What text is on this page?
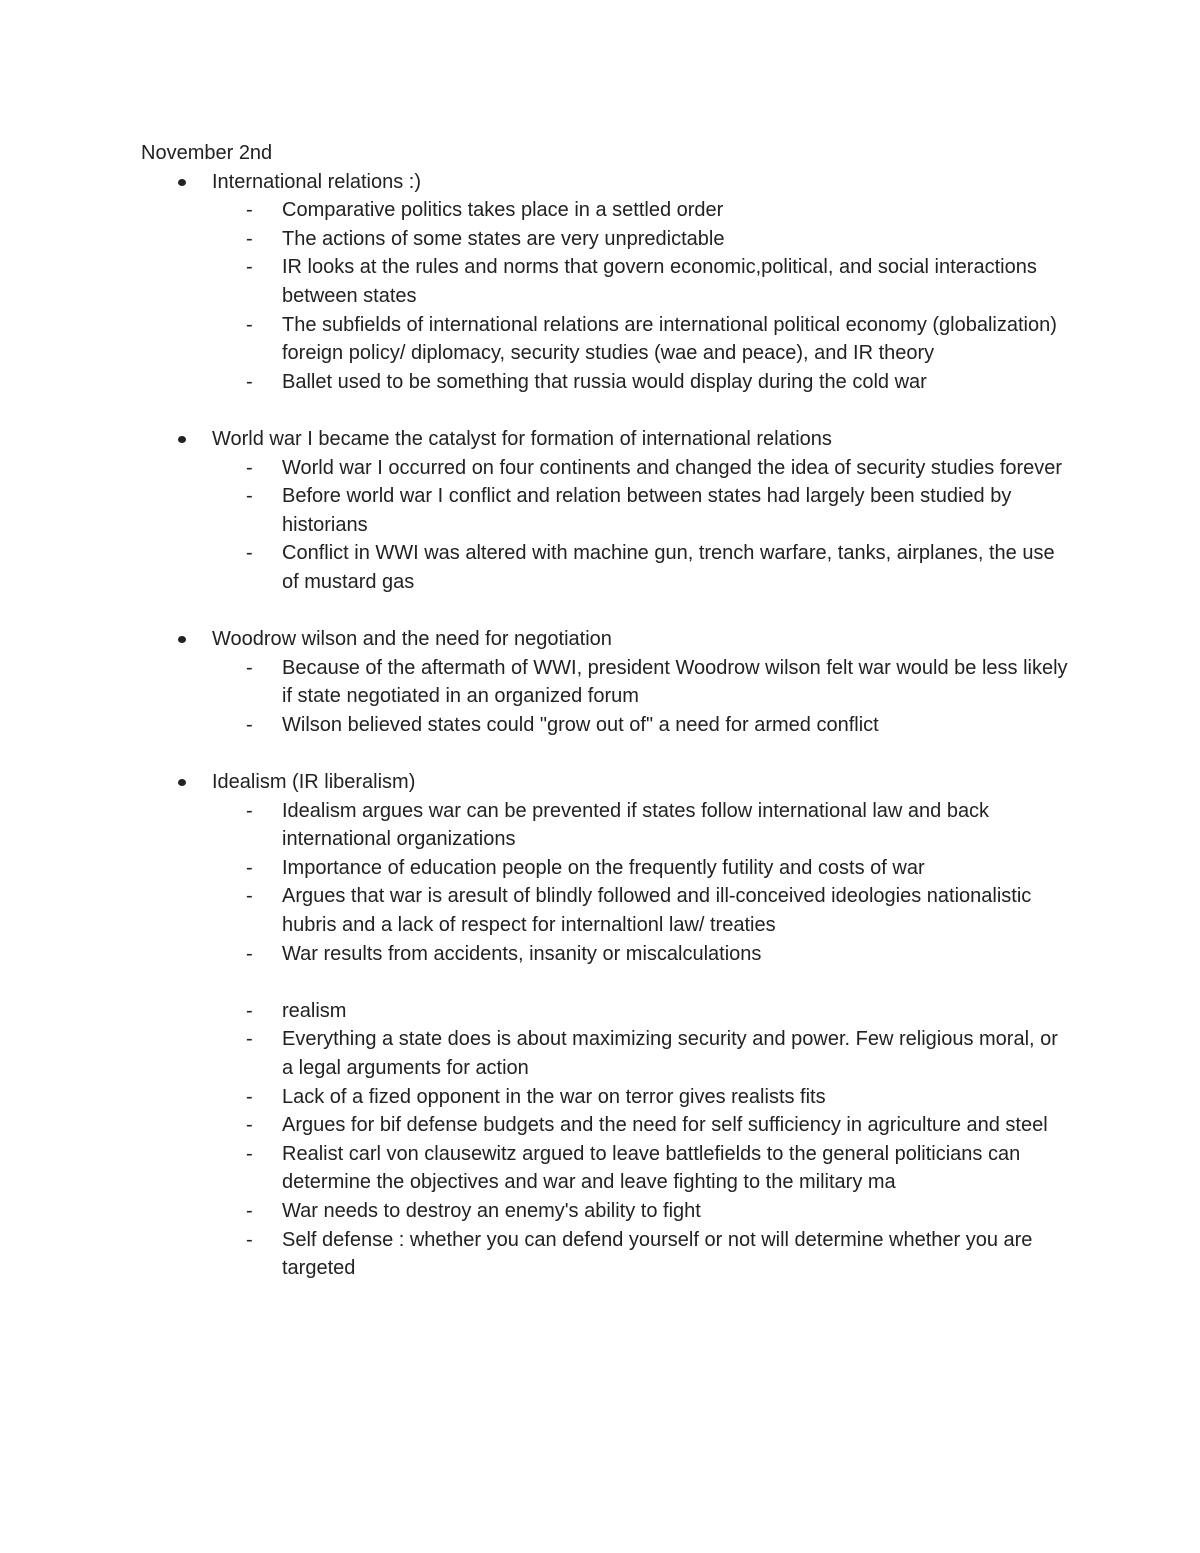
November 2nd

International relations :)
- Comparative politics takes place in a settled order
- The actions of some states are very unpredictable
- IR looks at the rules and norms that govern economic,political, and social interactions between states
- The subfields of international relations are international political economy (globalization) foreign policy/ diplomacy, security studies (wae and peace), and IR theory
- Ballet used to be something that russia would display during the cold war
World war I became the catalyst for formation of international relations
- World war I occurred on four continents and changed the idea of security studies forever
- Before world war I conflict and relation between states had largely been studied by historians
- Conflict in WWI was altered with machine gun, trench warfare, tanks, airplanes, the use of mustard gas
Woodrow wilson and the need for negotiation
- Because of the aftermath of WWI, president Woodrow wilson felt war would be less likely if state negotiated in an organized forum
- Wilson believed states could "grow out of" a need for armed conflict
Idealism (IR liberalism)
- Idealism argues war can be prevented if states follow international law and back international organizations
- Importance of education people on the frequently futility and costs of war
- Argues that war is aresult of blindly followed and ill-conceived ideologies nationalistic hubris and a lack of respect for internaltionl law/ treaties
- War results from accidents, insanity or miscalculations
- realism
- Everything a state does is about maximizing security and power. Few religious moral, or a legal arguments for action
- Lack of a fized opponent in the war on terror gives realists fits
- Argues for bif defense budgets and the need for self sufficiency in agriculture and steel
- Realist carl von clausewitz argued to leave battlefields to the general politicians can determine the objectives and war and leave fighting to the military ma
- War needs to destroy an enemy's ability to fight
- Self defense : whether you can defend yourself or not will determine whether you are targeted
